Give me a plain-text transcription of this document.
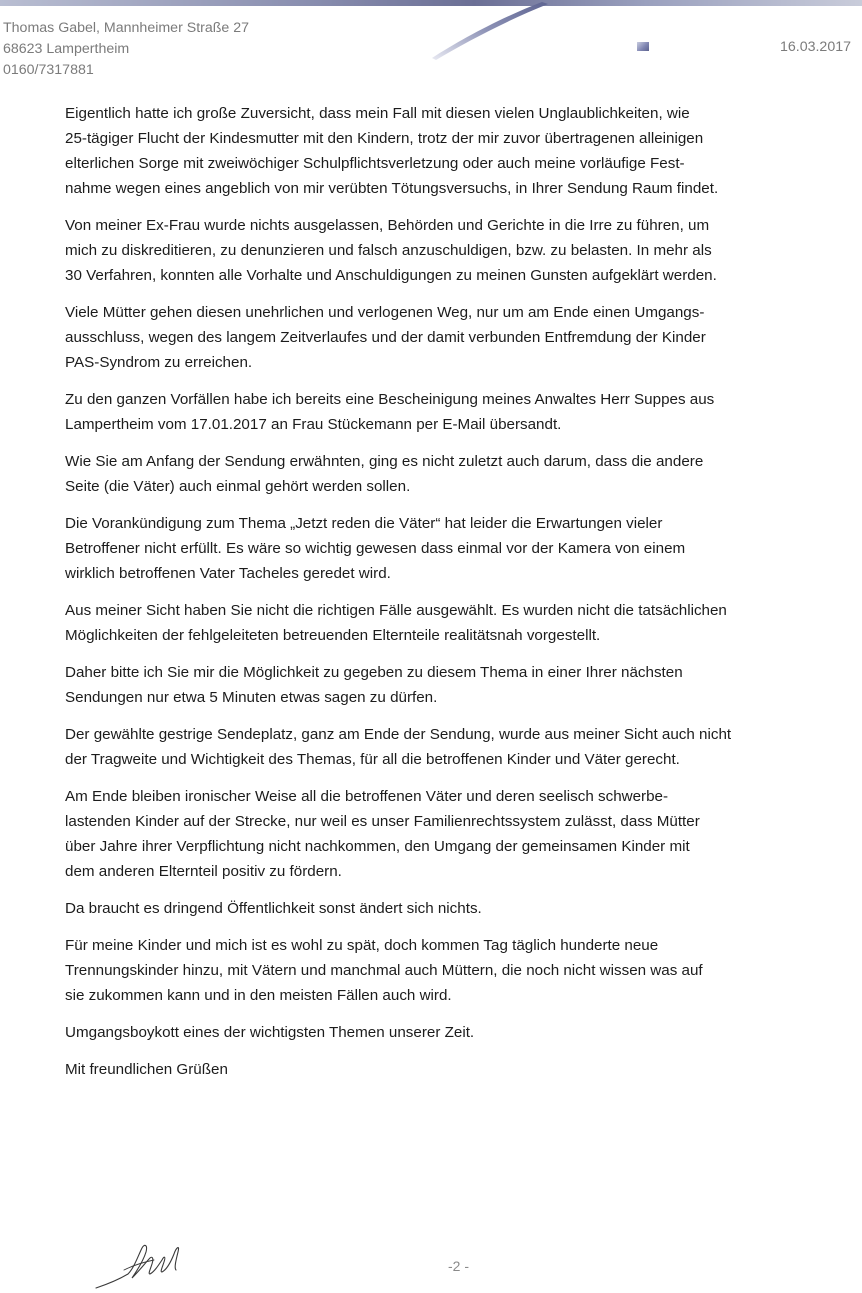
Thomas Gabel, Mannheimer Straße 27
68623 Lampertheim
0160/7317881
16.03.2017
Eigentlich hatte ich große Zuversicht, dass mein Fall mit diesen vielen Unglaublichkeiten, wie
25-tägiger Flucht der Kindesmutter mit den Kindern, trotz der mir zuvor übertragenen alleinigen
elterlichen Sorge mit zweiwöchiger Schulpflichtsverletzung oder auch meine vorläufige Fest-
nahme wegen eines angeblich von mir verübten Tötungsversuchs, in Ihrer Sendung Raum findet.
Von meiner Ex-Frau wurde nichts ausgelassen, Behörden und Gerichte in die Irre zu führen, um
mich zu diskreditieren, zu denunzieren und falsch anzuschuldigen, bzw. zu belasten. In mehr als
30 Verfahren, konnten alle Vorhalte und Anschuldigungen zu meinen Gunsten aufgeklärt werden.
Viele Mütter gehen diesen unehrlichen und verlogenen Weg, nur um am Ende einen Umgangs-
ausschluss, wegen des langem Zeitverlaufes und der damit verbunden Entfremdung der Kinder
PAS-Syndrom zu erreichen.
Zu den ganzen Vorfällen habe ich bereits eine Bescheinigung meines Anwaltes Herr Suppes aus
Lampertheim vom 17.01.2017 an Frau Stückemann per E-Mail übersandt.
Wie Sie am Anfang der Sendung erwähnten, ging es nicht zuletzt auch darum, dass die andere
Seite (die Väter) auch einmal gehört werden sollen.
Die Vorankündigung zum Thema „Jetzt reden die Väter“ hat leider die Erwartungen vieler
Betroffener nicht erfüllt. Es wäre so wichtig gewesen dass einmal vor der Kamera von einem
wirklich betroffenen Vater Tacheles geredet wird.
Aus meiner Sicht haben Sie nicht die richtigen Fälle ausgewählt. Es wurden nicht die tatsächlichen
Möglichkeiten der fehlgeleiteten betreuenden Elternteile realitätsnah vorgestellt.
Daher bitte ich Sie mir die Möglichkeit zu gegeben zu diesem Thema in einer Ihrer nächsten
Sendungen nur etwa 5 Minuten etwas sagen zu dürfen.
Der gewählte gestrige Sendeplatz, ganz am Ende der Sendung, wurde aus meiner Sicht auch nicht
der Tragweite und Wichtigkeit des Themas, für all die betroffenen Kinder und Väter gerecht.
Am Ende bleiben ironischer Weise all die betroffenen Väter und deren seelisch schwerbe-
lastenden Kinder auf der Strecke, nur weil es unser Familienrechtssystem zulässt, dass Mütter
über Jahre ihrer Verpflichtung nicht nachkommen, den Umgang der gemeinsamen Kinder mit
dem anderen Elternteil positiv zu fördern.
Da braucht es dringend Öffentlichkeit sonst ändert sich nichts.
Für meine Kinder und mich ist es wohl zu spät, doch kommen Tag täglich hunderte neue
Trennungskinder hinzu, mit Vätern und manchmal auch Müttern, die noch nicht wissen was auf
sie zukommen kann und in den meisten Fällen auch wird.
Umgangsboykott eines der wichtigsten Themen unserer Zeit.
Mit freundlichen Grüßen
-2 -
